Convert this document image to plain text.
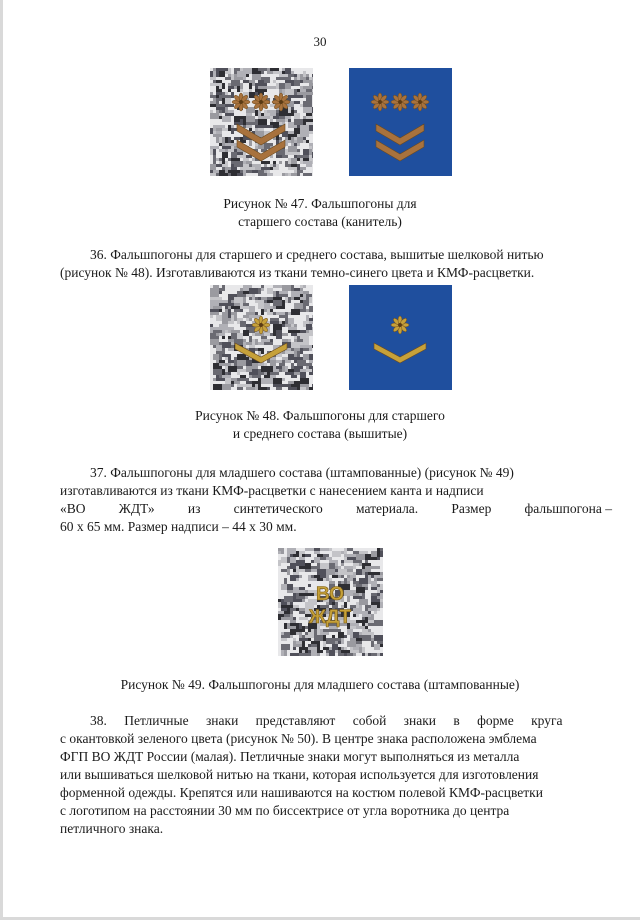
30
Рисунок № 47. Фальшпогоны для
старшего состава (канитель)
36. Фальшпогоны для старшего и среднего состава, вышитые шелковой нитью
(рисунок № 48). Изготавливаются из ткани темно-синего цвета и КМФ-расцветки.
Рисунок № 48. Фальшпогоны для старшего
и среднего состава (вышитые)
37. Фальшпогоны для младшего состава (штампованные) (рисунок № 49)
изготавливаются из ткани КМФ-расцветки с нанесением канта и надписи
«ВО ЖДТ» из синтетического материала. Размер фальшпогона –
60 х 65 мм. Размер надписи – 44 х 30 мм.
ВО
ЖДТ
Рисунок № 49. Фальшпогоны для младшего состава (штампованные)
38. Петличные знаки представляют собой знаки в форме круга
с окантовкой зеленого цвета (рисунок № 50). В центре знака расположена эмблема
ФГП ВО ЖДТ России (малая). Петличные знаки могут выполняться из металла
или вышиваться шелковой нитью на ткани, которая используется для изготовления
форменной одежды. Крепятся или нашиваются на костюм полевой КМФ-расцветки
с логотипом на расстоянии 30 мм по биссектрисе от угла воротника до центра
петличного знака.
